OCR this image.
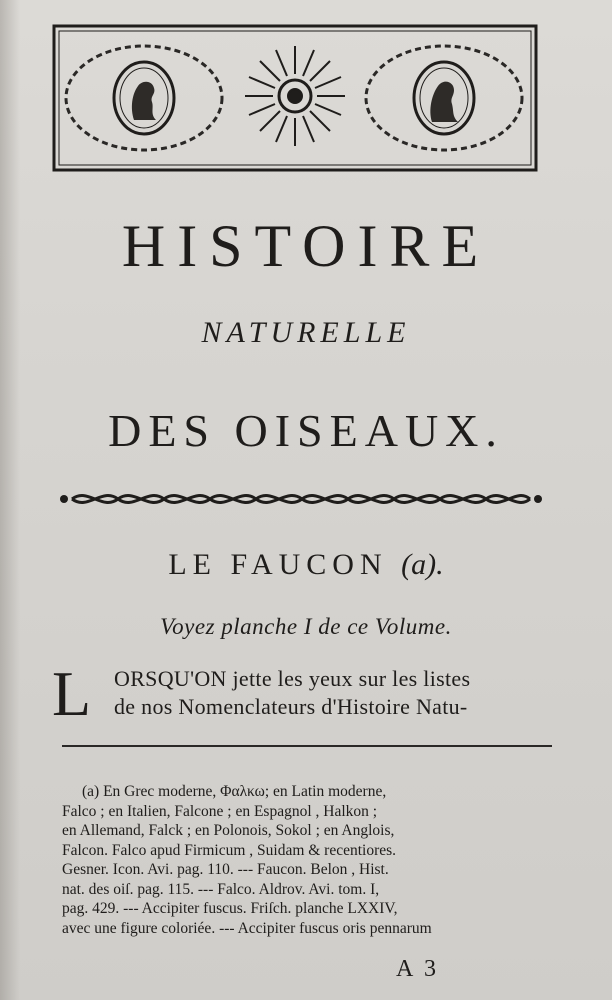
HISTOIRE
NATURELLE
DES OISEAUX.
LE FAUCON (a).
Voyez planche I de ce Volume.
L ORSQU'ON jette les yeux sur les listes
de nos Nomenclateurs d'Histoire Natu-
(a) En Grec moderne, Φαλκω; en Latin moderne,
Falco ; en Italien, Falcone ; en Espagnol , Halkon ;
en Allemand, Falck ; en Polonois, Sokol ; en Anglois,
Falcon. Falco apud Firmicum , Suidam & recentiores.
Gesner. Icon. Avi. pag. 110. --- Faucon. Belon , Hist.
nat. des oiſ. pag. 115. --- Falco. Aldrov. Avi. tom. I,
pag. 429. --- Accipiter fuscus. Friſch. planche LXXIV,
avec une figure coloriée. --- Accipiter fuscus oris pennarum
A 3
